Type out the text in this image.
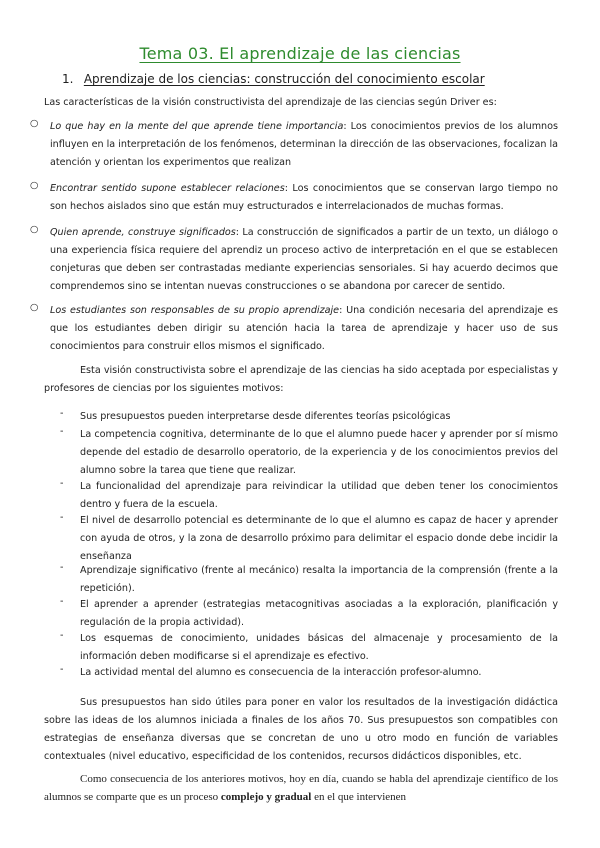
Tema 03. El aprendizaje de las ciencias
1. Aprendizaje de los ciencias: construcción del conocimiento escolar
Las características de la visión constructivista del aprendizaje de las ciencias según Driver es:
○ Lo que hay en la mente del que aprende tiene importancia: Los conocimientos previos de los alumnos influyen en la interpretación de los fenómenos, determinan la dirección de las observaciones, focalizan la atención y orientan los experimentos que realizan
○ Encontrar sentido supone establecer relaciones: Los conocimientos que se conservan largo tiempo no son hechos aislados sino que están muy estructurados e interrelacionados de muchas formas.
○ Quien aprende, construye significados: La construcción de significados a partir de un texto, un diálogo o una experiencia física requiere del aprendiz un proceso activo de interpretación en el que se establecen conjeturas que deben ser contrastadas mediante experiencias sensoriales. Si hay acuerdo decimos que comprendemos sino se intentan nuevas construcciones o se abandona por carecer de sentido.
○ Los estudiantes son responsables de su propio aprendizaje: Una condición necesaria del aprendizaje es que los estudiantes deben dirigir su atención hacia la tarea de aprendizaje y hacer uso de sus conocimientos para construir ellos mismos el significado.
Esta visión constructivista sobre el aprendizaje de las ciencias ha sido aceptada por especialistas y profesores de ciencias por los siguientes motivos:
- Sus presupuestos pueden interpretarse desde diferentes teorías psicológicas
- La competencia cognitiva, determinante de lo que el alumno puede hacer y aprender por sí mismo depende del estadio de desarrollo operatorio, de la experiencia y de los conocimientos previos del alumno sobre la tarea que tiene que realizar.
- La funcionalidad del aprendizaje para reivindicar la utilidad que deben tener los conocimientos dentro y fuera de la escuela.
- El nivel de desarrollo potencial es determinante de lo que el alumno es capaz de hacer y aprender con ayuda de otros, y la zona de desarrollo próximo para delimitar el espacio donde debe incidir la enseñanza
- Aprendizaje significativo (frente al mecánico) resalta la importancia de la comprensión (frente a la repetición).
- El aprender a aprender (estrategias metacognitivas asociadas a la exploración, planificación y regulación de la propia actividad).
- Los esquemas de conocimiento, unidades básicas del almacenaje y procesamiento de la información deben modificarse si el aprendizaje es efectivo.
- La actividad mental del alumno es consecuencia de la interacción profesor-alumno.
Sus presupuestos han sido útiles para poner en valor los resultados de la investigación didáctica sobre las ideas de los alumnos iniciada a finales de los años 70. Sus presupuestos son compatibles con estrategias de enseñanza diversas que se concretan de uno u otro modo en función de variables contextuales (nivel educativo, especificidad de los contenidos, recursos didácticos disponibles, etc.
Como consecuencia de los anteriores motivos, hoy en día, cuando se habla del aprendizaje científico de los alumnos se comparte que es un proceso complejo y gradual en el que intervienen
